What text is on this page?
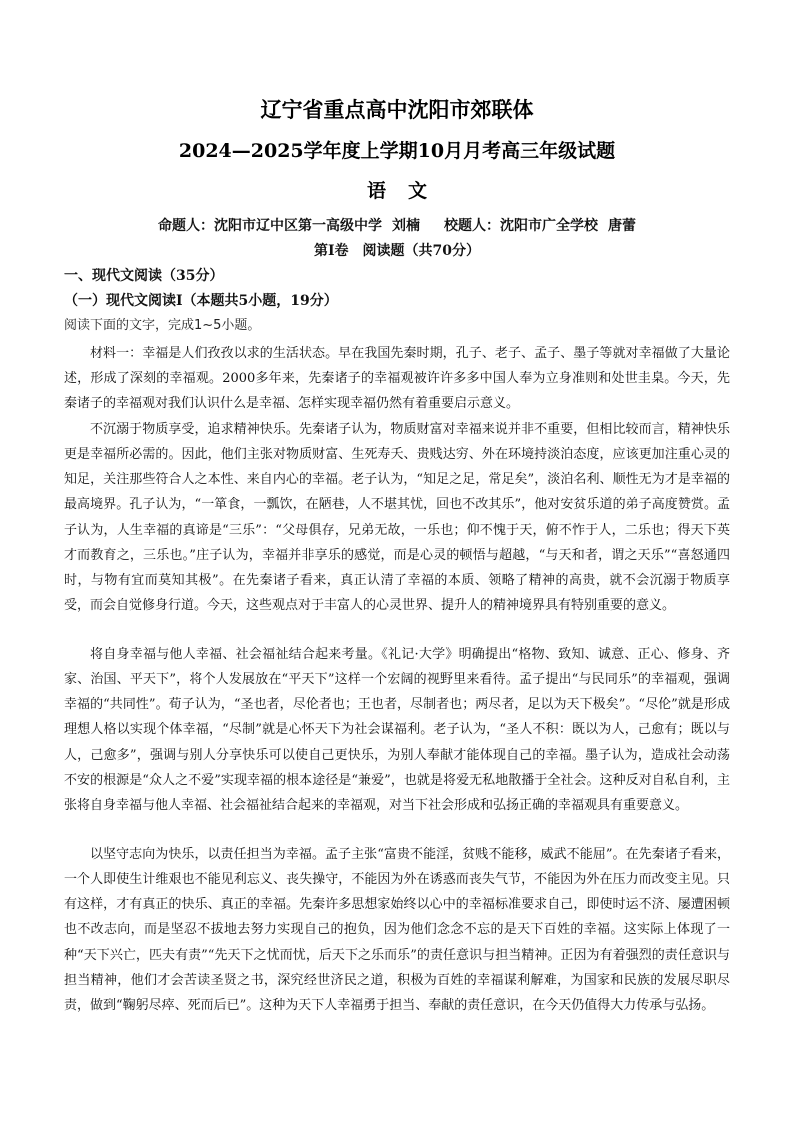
辽宁省重点高中沈阳市郊联体
2024—2025学年度上学期10月月考高三年级试题
语文
命题人：沈阳市辽中区第一高级中学 刘楠 校题人：沈阳市广全学校 唐蕾
第Ⅰ卷　阅读题（共70分）
一、现代文阅读（35分）
（一）现代文阅读Ⅰ（本题共5小题，19分）
阅读下面的文字，完成1~5小题。

材料一：幸福是人们孜孜以求的生活状态。早在我国先秦时期，孔子、老子、孟子、墨子等就对幸福做了大量论述，形成了深刻的幸福观。2000多年来，先秦诸子的幸福观被许许多多中国人奉为立身准则和处世圭臬。今天，先秦诸子的幸福观对我们认识什么是幸福、怎样实现幸福仍然有着重要启示意义。

不沉溺于物质享受，追求精神快乐。先秦诸子认为，物质财富对幸福来说并非不重要，但相比较而言，精神快乐更是幸福所必需的。因此，他们主张对物质财富、生死寿夭、贵贱达穷、外在环境持淡泊态度，应该更加注重心灵的知足，关注那些符合人之本性、来自内心的幸福。老子认为，“知足之足，常足矣”，淡泊名利、顺性无为才是幸福的最高境界。孔子认为，“一箪食，一瓢饮，在陋巷，人不堪其忧，回也不改其乐”，他对安贫乐道的弟子高度赞赏。孟子认为，人生幸福的真谛是“三乐”：“父母俱存，兄弟无故，一乐也；仰不愧于天，俯不怍于人，二乐也；得天下英才而教育之，三乐也。”庄子认为，幸福并非享乐的感觉，而是心灵的顿悟与超越，“与天和者，谓之天乐”“喜怒通四时，与物有宜而莫知其极”。在先秦诸子看来，真正认清了幸福的本质、领略了精神的高贵，就不会沉溺于物质享受，而会自觉修身行道。今天，这些观点对于丰富人的心灵世界、提升人的精神境界具有特别重要的意义。

将自身幸福与他人幸福、社会福祉结合起来考量。《礼记·大学》明确提出“格物、致知、诚意、正心、修身、齐家、治国、平天下”，将个人发展放在“平天下”这样一个宏阔的视野里来看待。孟子提出“与民同乐”的幸福观，强调幸福的“共同性”。荀子认为，“圣也者，尽伦者也；王也者，尽制者也；两尽者，足以为天下极矣”。“尽伦”就是形成理想人格以实现个体幸福，“尽制”就是心怀天下为社会谋福利。老子认为，“圣人不积：既以为人，己愈有；既以与人，己愈多”，强调与别人分享快乐可以使自己更快乐，为别人奉献才能体现自己的幸福。墨子认为，造成社会动荡不安的根源是“众人之不爱”实现幸福的根本途径是“兼爱”，也就是将爱无私地散播于全社会。这种反对自私自利，主张将自身幸福与他人幸福、社会福祉结合起来的幸福观，对当下社会形成和弘扬正确的幸福观具有重要意义。

以坚守志向为快乐，以责任担当为幸福。孟子主张“富贵不能淫，贫贱不能移，威武不能屈”。在先秦诸子看来，一个人即使生计维艰也不能见利忘义、丧失操守，不能因为外在诱惑而丧失气节，不能因为外在压力而改变主见。只有这样，才有真正的快乐、真正的幸福。先秦许多思想家始终以心中的幸福标准要求自己，即使时运不济、屡遭困顿也不改志向，而是坚忍不拔地去努力实现自己的抱负，因为他们念念不忘的是天下百姓的幸福。这实际上体现了一种“天下兴亡，匹夫有责”“先天下之忧而忧，后天下之乐而乐”的责任意识与担当精神。正因为有着强烈的责任意识与担当精神，他们才会苦读圣贤之书，深究经世济民之道，积极为百姓的幸福谋利解难，为国家和民族的发展尽职尽责，做到“鞠躬尽瘁、死而后已”。这种为天下人幸福勇于担当、奉献的责任意识，在今天仍值得大力传承与弘扬。
